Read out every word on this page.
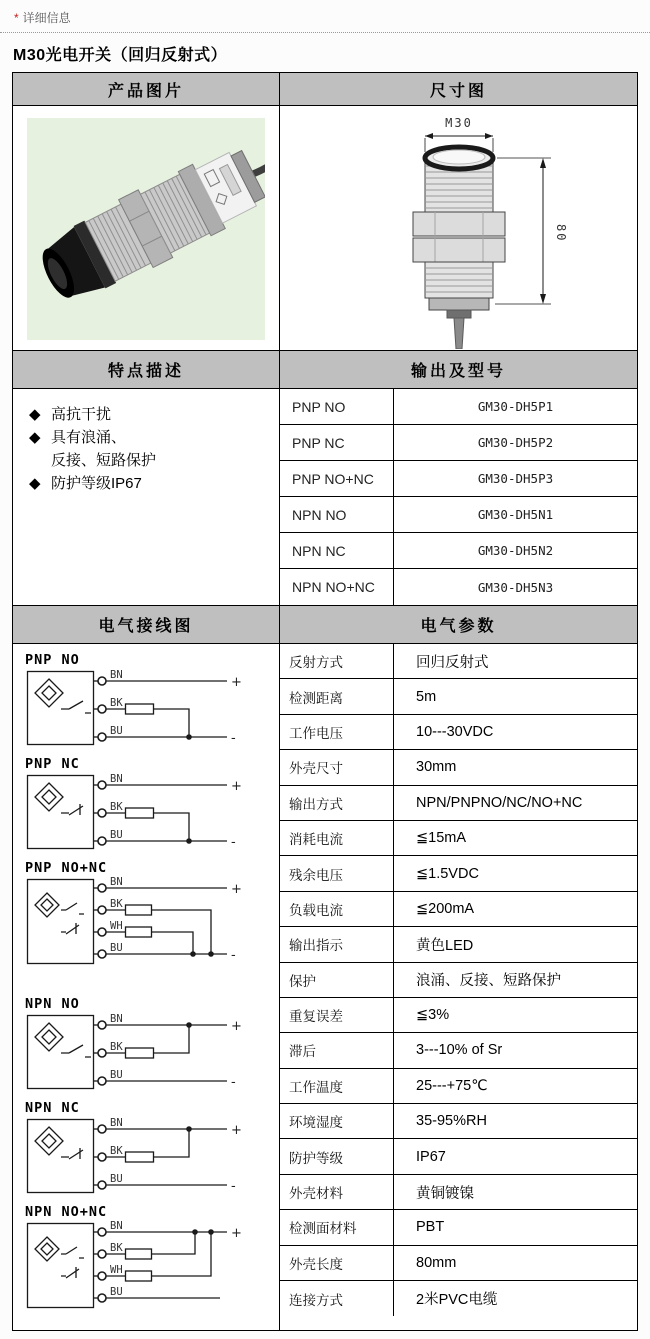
* 详细信息
M30光电开关（回归反射式）
产品图片	尺寸图
M30
80
特点描述	输出及型号
◆ 高抗干扰
◆ 具有浪涌、
反接、短路保护
◆ 防护等级IP67
PNP NO	GM30-DH5P1
PNP NC	GM30-DH5P2
PNP NO+NC	GM30-DH5P3
NPN NO	GM30-DH5N1
NPN NC	GM30-DH5N2
NPN NO+NC	GM30-DH5N3
电气接线图	电气参数
PNP NO
BN	+
BK
BU	-
PNP NC
BN	+
BK
BU	-
PNP NO+NC
BN	+
BK
WH
BU	-
NPN NO
BN	+
BK
BU	-
NPN NC
BN	+
BK
BU	-
NPN NO+NC
BN	+
BK
WH
BU
反射方式	回归反射式
检测距离	5m
工作电压	10---30VDC
外壳尺寸	30mm
输出方式	NPN/PNPNO/NC/NO+NC
消耗电流	≦15mA
残余电压	≦1.5VDC
负载电流	≦200mA
输出指示	黄色LED
保护	浪涌、反接、短路保护
重复误差	≦3%
滞后	3---10% of Sr
工作温度	25---+75℃
环境湿度	35-95%RH
防护等级	IP67
外壳材料	黄铜镀镍
检测面材料	PBT
外壳长度	80mm
连接方式	2米PVC电缆
